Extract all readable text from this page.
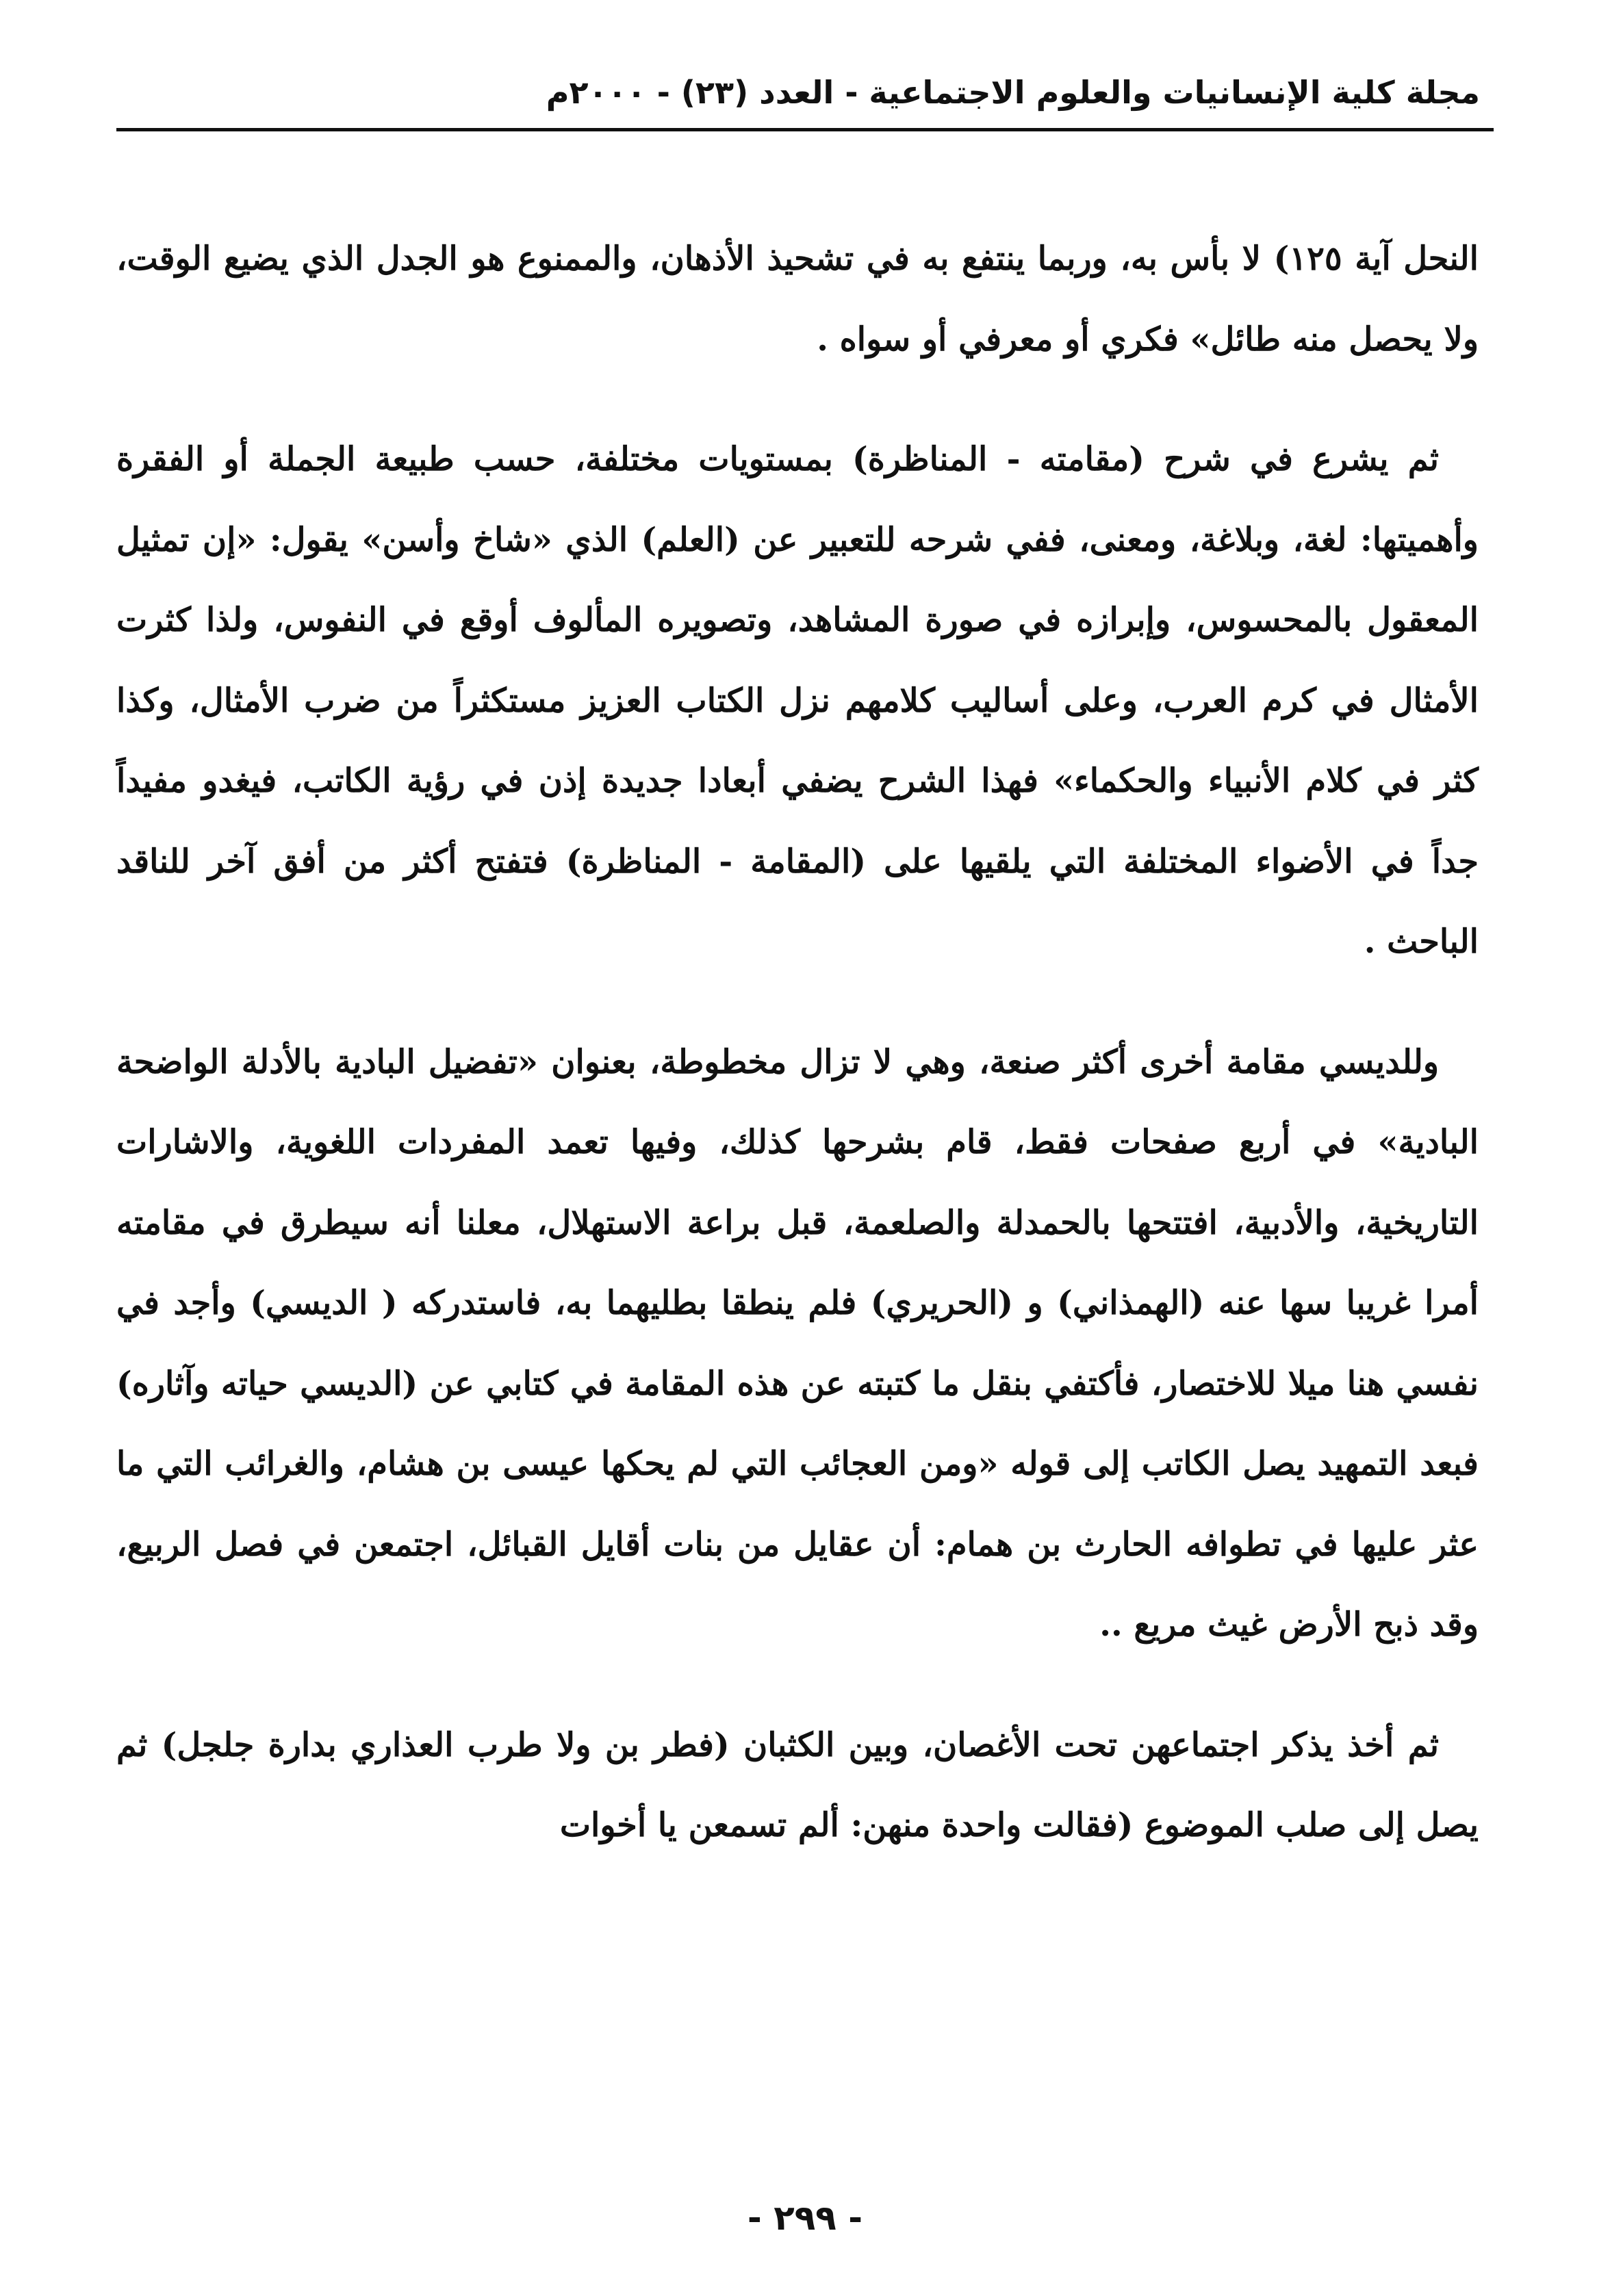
مجلة كلية الإنسانيات والعلوم الاجتماعية - العدد (٢٣) - ٢٠٠٠م

النحل آية ١٢٥) لا بأس به، وربما ينتفع به في تشحيذ الأذهان، والممنوع هو الجدل الذي يضيع الوقت، ولا يحصل منه طائل» فكري أو معرفي أو سواه .

ثم يشرع في شرح (مقامته - المناظرة) بمستويات مختلفة، حسب طبيعة الجملة أو الفقرة وأهميتها: لغة، وبلاغة، ومعنى، ففي شرحه للتعبير عن (العلم) الذي «شاخ وأسن» يقول: «إن تمثيل المعقول بالمحسوس، وإبرازه في صورة المشاهد، وتصويره المألوف أوقع في النفوس، ولذا كثرت الأمثال في كرم العرب، وعلى أساليب كلامهم نزل الكتاب العزيز مستكثراً من ضرب الأمثال، وكذا كثر في كلام الأنبياء والحكماء» فهذا الشرح يضفي أبعادا جديدة إذن في رؤية الكاتب، فيغدو مفيداً جداً في الأضواء المختلفة التي يلقيها على (المقامة - المناظرة) فتفتح أكثر من أفق آخر للناقد الباحث .

وللديسي مقامة أخرى أكثر صنعة، وهي لا تزال مخطوطة، بعنوان «تفضيل البادية بالأدلة الواضحة البادية» في أربع صفحات فقط، قام بشرحها كذلك، وفيها تعمد المفردات اللغوية، والاشارات التاريخية، والأدبية، افتتحها بالحمدلة والصلعمة، قبل براعة الاستهلال، معلنا أنه سيطرق في مقامته أمرا غريبا سها عنه (الهمذاني) و (الحريري) فلم ينطقا بطليهما به، فاستدركه ( الديسي) وأجد في نفسي هنا ميلا للاختصار، فأكتفي بنقل ما كتبته عن هذه المقامة في كتابي عن (الديسي حياته وآثاره) فبعد التمهيد يصل الكاتب إلى قوله «ومن العجائب التي لم يحكها عيسى بن هشام، والغرائب التي ما عثر عليها في تطوافه الحارث بن همام: أن عقايل من بنات أقايل القبائل، اجتمعن في فصل الربيع، وقد ذبح الأرض غيث مريع ..

ثم أخذ يذكر اجتماعهن تحت الأغصان، وبين الكثبان (فطر بن ولا طرب العذاري بدارة جلجل) ثم يصل إلى صلب الموضوع (فقالت واحدة منهن: ألم تسمعن يا أخوات

- ٢٩٩ -
